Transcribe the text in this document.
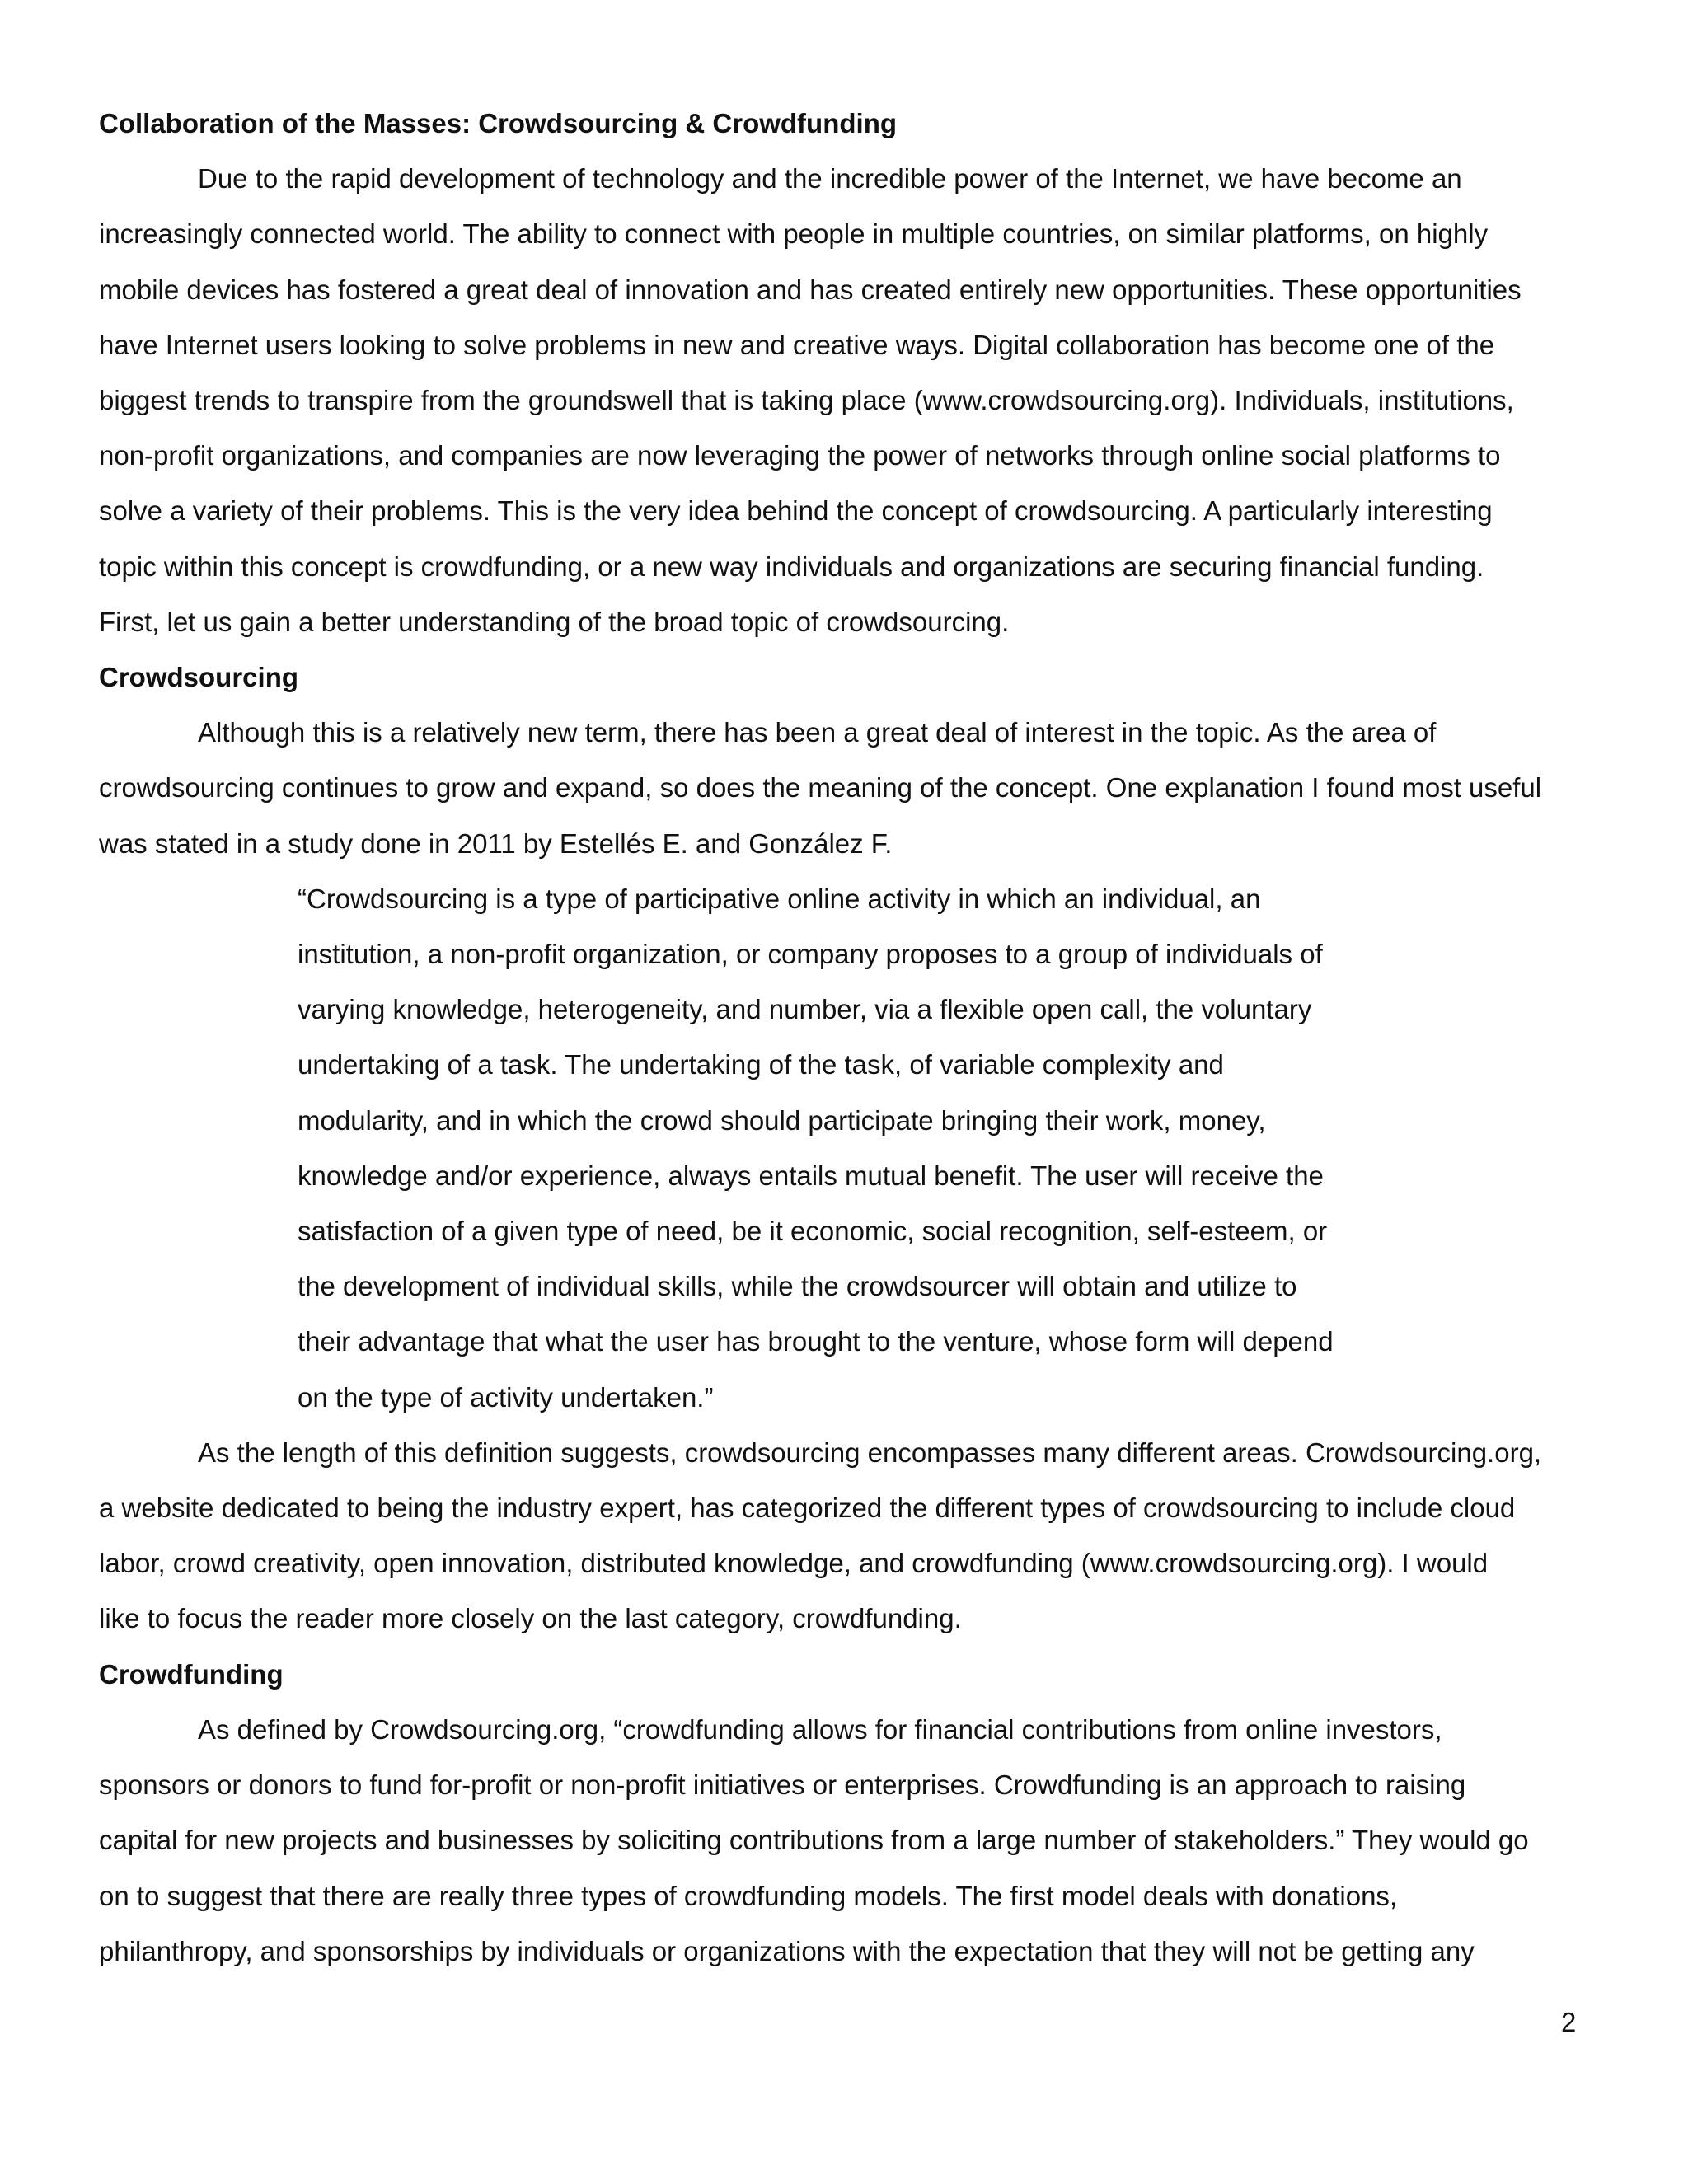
Collaboration of the Masses: Crowdsourcing & Crowdfunding
Due to the rapid development of technology and the incredible power of the Internet, we have become an
increasingly connected world. The ability to connect with people in multiple countries, on similar platforms, on highly
mobile devices has fostered a great deal of innovation and has created entirely new opportunities. These opportunities
have Internet users looking to solve problems in new and creative ways. Digital collaboration has become one of the
biggest trends to transpire from the groundswell that is taking place (www.crowdsourcing.org). Individuals, institutions,
non-profit organizations, and companies are now leveraging the power of networks through online social platforms to
solve a variety of their problems. This is the very idea behind the concept of crowdsourcing. A particularly interesting
topic within this concept is crowdfunding, or a new way individuals and organizations are securing financial funding.
First, let us gain a better understanding of the broad topic of crowdsourcing.
Crowdsourcing
Although this is a relatively new term, there has been a great deal of interest in the topic. As the area of
crowdsourcing continues to grow and expand, so does the meaning of the concept. One explanation I found most useful
was stated in a study done in 2011 by Estellés E. and González F.
“Crowdsourcing is a type of participative online activity in which an individual, an
institution, a non-profit organization, or company proposes to a group of individuals of
varying knowledge, heterogeneity, and number, via a flexible open call, the voluntary
undertaking of a task. The undertaking of the task, of variable complexity and
modularity, and in which the crowd should participate bringing their work, money,
knowledge and/or experience, always entails mutual benefit. The user will receive the
satisfaction of a given type of need, be it economic, social recognition, self-esteem, or
the development of individual skills, while the crowdsourcer will obtain and utilize to
their advantage that what the user has brought to the venture, whose form will depend
on the type of activity undertaken.”
As the length of this definition suggests, crowdsourcing encompasses many different areas. Crowdsourcing.org,
a website dedicated to being the industry expert, has categorized the different types of crowdsourcing to include cloud
labor, crowd creativity, open innovation, distributed knowledge, and crowdfunding (www.crowdsourcing.org). I would
like to focus the reader more closely on the last category, crowdfunding.
Crowdfunding
As defined by Crowdsourcing.org, “crowdfunding allows for financial contributions from online investors,
sponsors or donors to fund for-profit or non-profit initiatives or enterprises. Crowdfunding is an approach to raising
capital for new projects and businesses by soliciting contributions from a large number of stakeholders.” They would go
on to suggest that there are really three types of crowdfunding models. The first model deals with donations,
philanthropy, and sponsorships by individuals or organizations with the expectation that they will not be getting any
2
